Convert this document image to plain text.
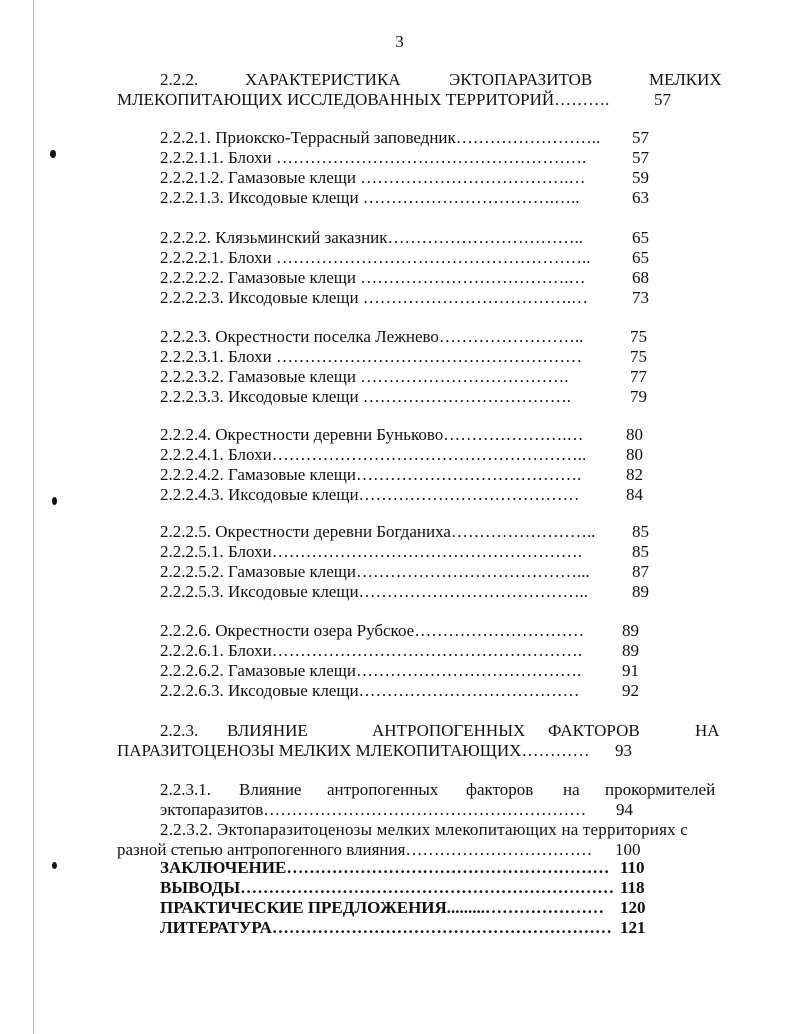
3
2.2.2.	ХАРАКТЕРИСТИКА	ЭКТОПАРАЗИТОВ	МЕЛКИХ
МЛЕКОПИТАЮЩИХ ИССЛЕДОВАННЫХ ТЕРРИТОРИЙ……….	57
2.2.2.1. Приокско-Террасный заповедник…………………….. 57
2.2.2.1.1. Блохи ……………………………………………….	57
2.2.2.1.2. Гамазовые клещи ……………………………….…	59
2.2.2.1.3. Иксодовые клещи …………………………….…..	63
2.2.2.2. Клязьминский заказник……………………………..	65
2.2.2.2.1. Блохи ……………………………………………….. 65
2.2.2.2.2. Гамазовые клещи ……………………………….…	68
2.2.2.2.3. Иксодовые клещи ……………………………….…	73
2.2.2.3. Окрестности поселка Лежнево……………………..	75
2.2.2.3.1. Блохи ………………………………………………	75
2.2.2.3.2. Гамазовые клещи ……………………………….	77
2.2.2.3.3. Иксодовые клещи ……………………………….	79
2.2.2.4. Окрестности деревни Буньково………………….… 80
2.2.2.4.1. Блохи……………………………………………….. 80
2.2.2.4.2. Гамазовые клещи………………………………….	82
2.2.2.4.3. Иксодовые клещи…………………………………	84
2.2.2.5. Окрестности деревни Богданиха…………………….. 85
2.2.2.5.1. Блохи……………………………………………….	85
2.2.2.5.2. Гамазовые клещи…………………………………... 87
2.2.2.5.3. Иксодовые клещи…………………………………..	89
2.2.2.6. Окрестности озера Рубское………………………… 89
2.2.2.6.1. Блохи………………………………………………. 89
2.2.2.6.2. Гамазовые клещи…………………………………. 91
2.2.2.6.3. Иксодовые клещи………………………………… 92
2.2.3. ВЛИЯНИЕ	АНТРОПОГЕННЫХ ФАКТОРОВ	НА
ПАРАЗИТОЦЕНОЗЫ МЕЛКИХ МЛЕКОПИТАЮЩИХ………… 93
2.2.3.1. Влияние антропогенных факторов на прокормителей
эктопаразитов………………………………………………… 94
2.2.3.2. Эктопаразитоценозы мелких млекопитающих на территориях с
разной степью антропогенного влияния…………………………… 100
ЗАКЛЮЧЕНИЕ………………………………………………… 110
ВЫВОДЫ………………………………………………………… 118
ПРАКТИЧЕСКИЕ ПРЕДЛОЖЕНИЯ.........………………… 120
ЛИТЕРАТУРА…………………………………………………… 121
